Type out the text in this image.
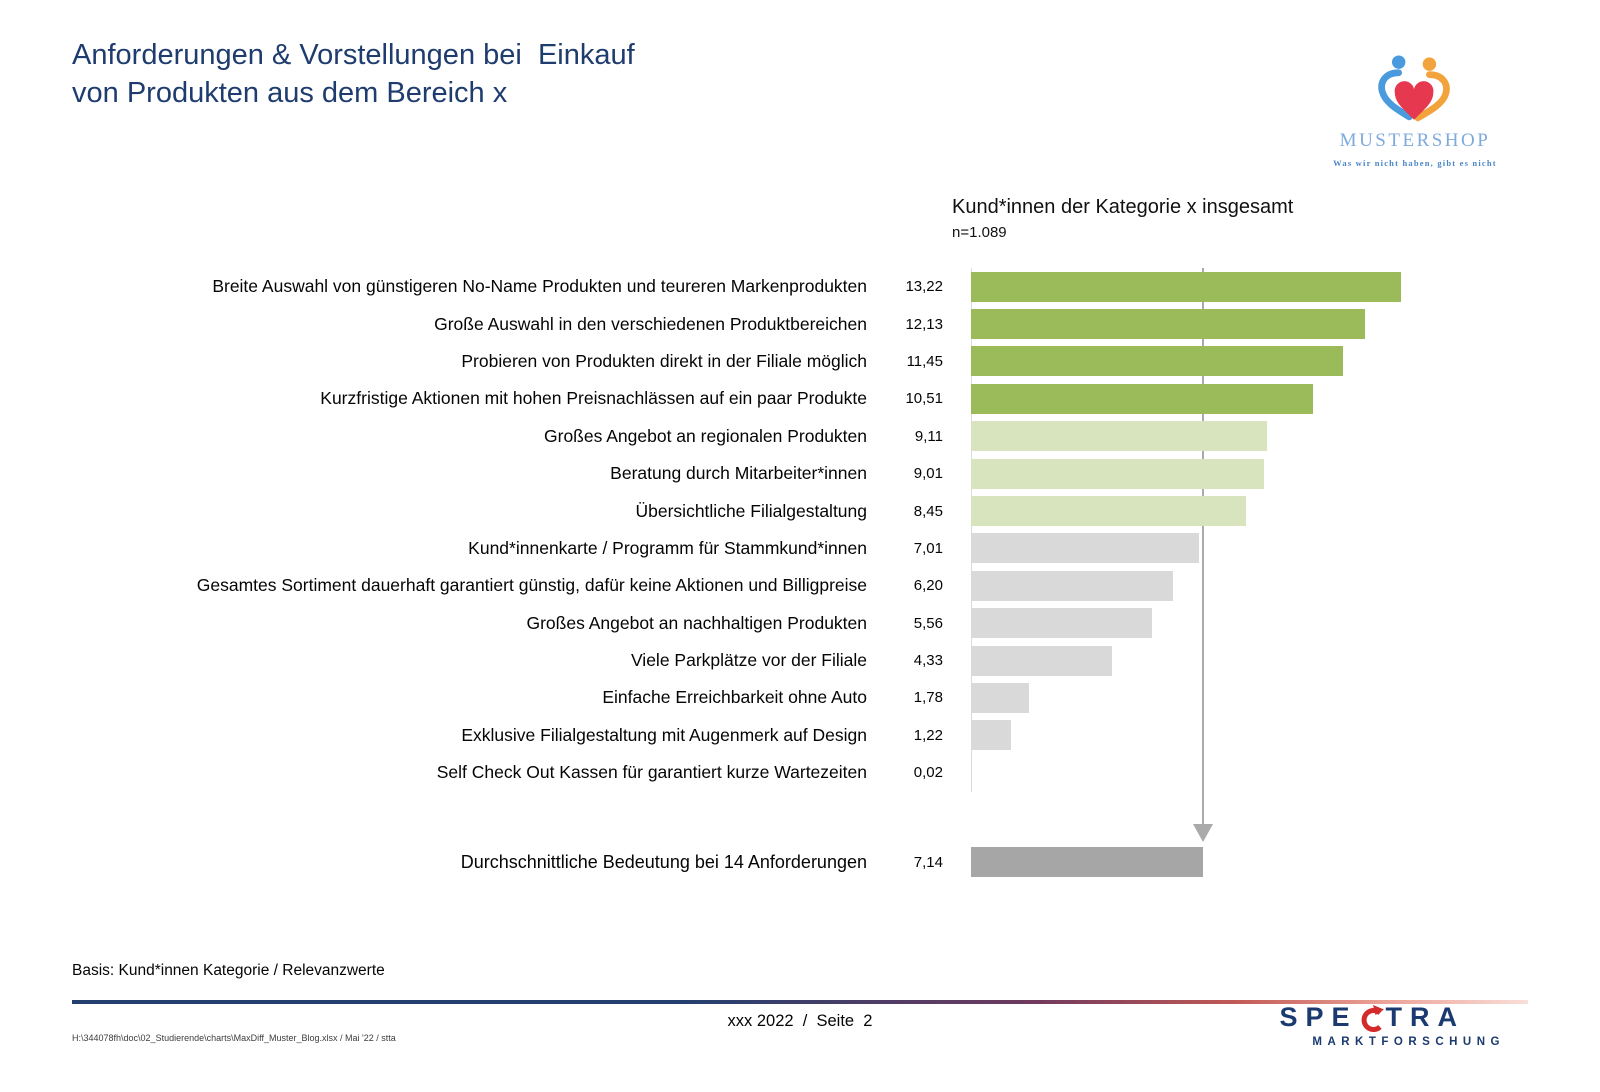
Anforderungen & Vorstellungen bei  Einkauf
von Produkten aus dem Bereich x
MUSTERSHOP
Was wir nicht haben, gibt es nicht
Kund*innen der Kategorie x insgesamt
n=1.089
Breite Auswahl von günstigeren No-Name Produkten und teureren Markenprodukten	13,22
Große Auswahl in den verschiedenen Produktbereichen	12,13
Probieren von Produkten direkt in der Filiale möglich	11,45
Kurzfristige Aktionen mit hohen Preisnachlässen auf ein paar Produkte	10,51
Großes Angebot an regionalen Produkten	9,11
Beratung durch Mitarbeiter*innen	9,01
Übersichtliche Filialgestaltung	8,45
Kund*innenkarte / Programm für Stammkund*innen	7,01
Gesamtes Sortiment dauerhaft garantiert günstig, dafür keine Aktionen und Billigpreise	6,20
Großes Angebot an nachhaltigen Produkten	5,56
Viele Parkplätze vor der Filiale	4,33
Einfache Erreichbarkeit ohne Auto	1,78
Exklusive Filialgestaltung mit Augenmerk auf Design	1,22
Self Check Out Kassen für garantiert kurze Wartezeiten	0,02
Durchschnittliche Bedeutung bei 14 Anforderungen	7,14
Basis: Kund*innen Kategorie / Relevanzwerte
H:\344078fh\doc\02_Studierende\charts\MaxDiff_Muster_Blog.xlsx / Mai '22 / stta
xxx 2022  /  Seite  2	SPE TRA
MARKTFORSCHUNG
